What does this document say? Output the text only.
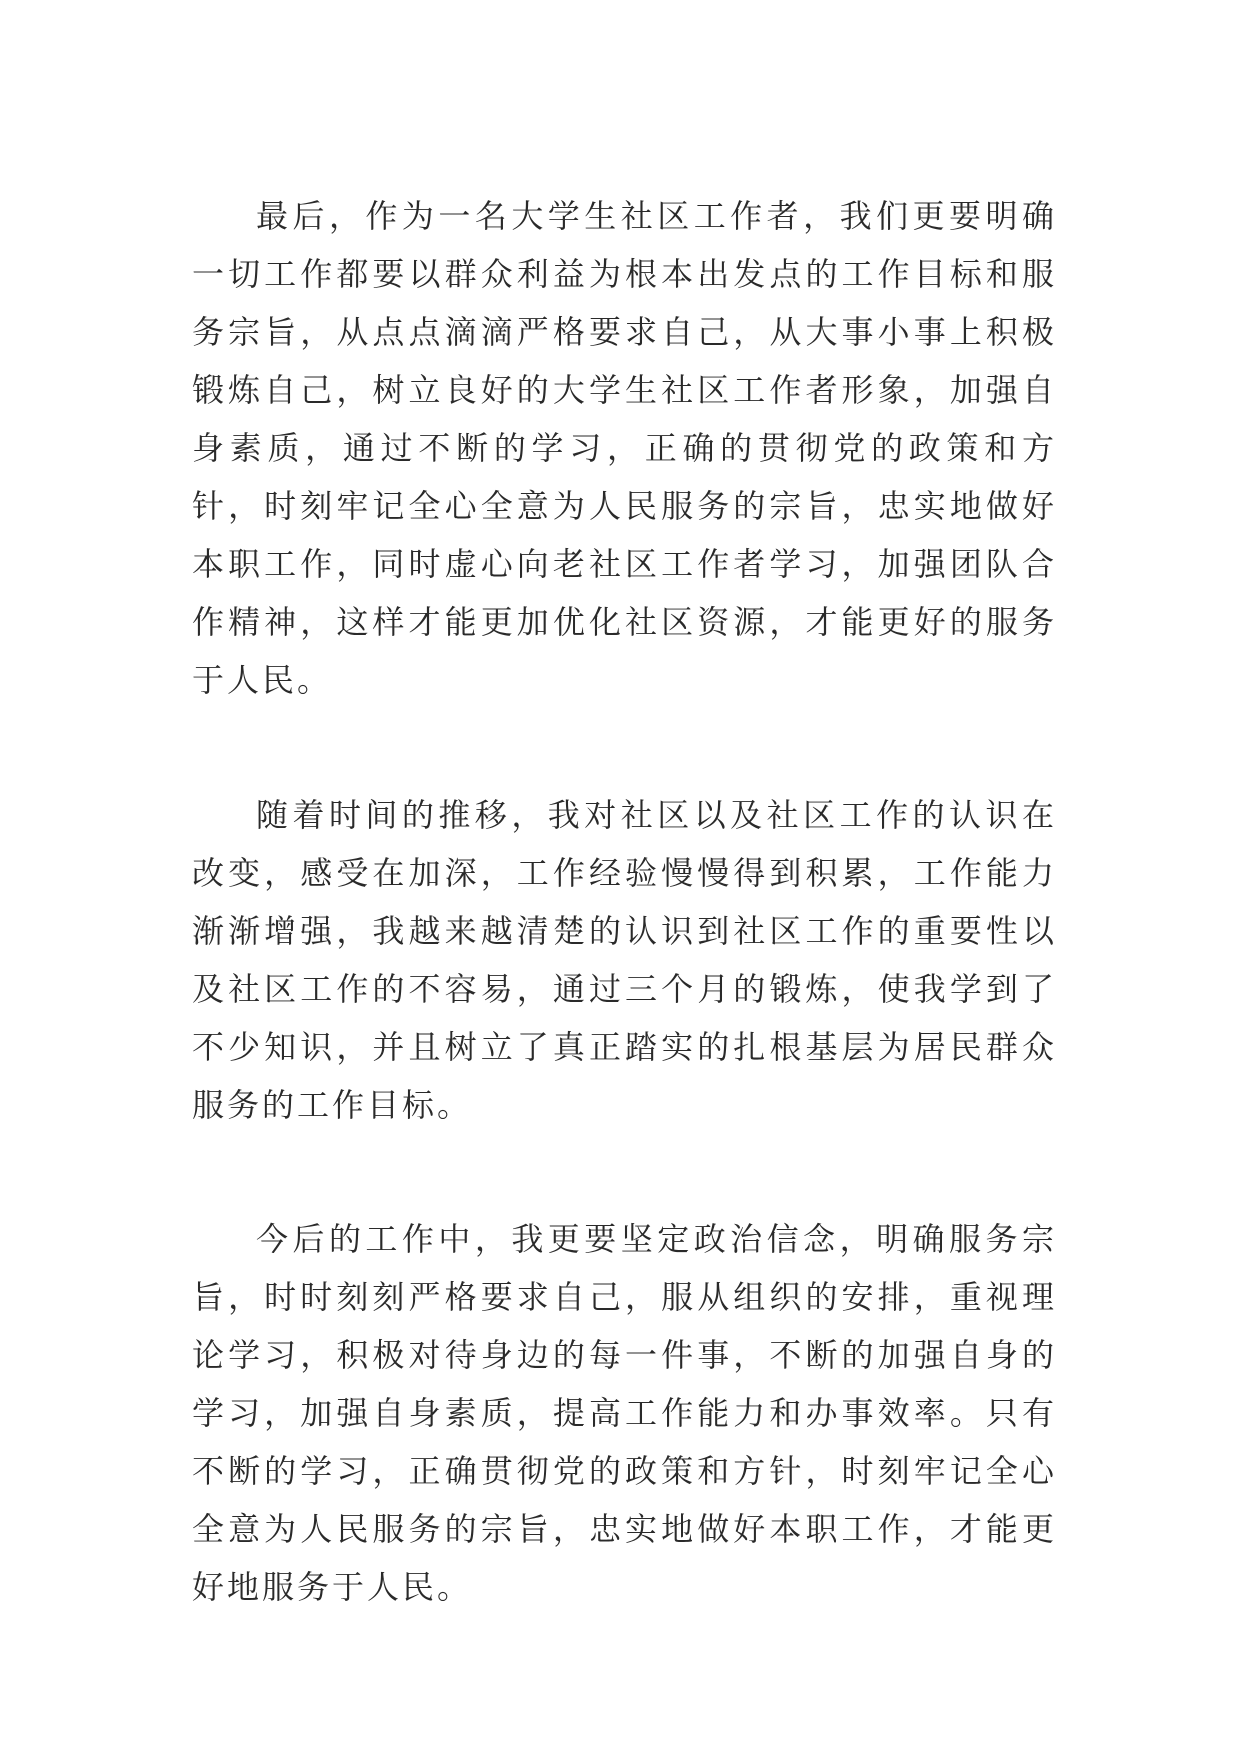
最后，作为一名大学生社区工作者，我们更要明确一切工作都要以群众利益为根本出发点的工作目标和服务宗旨，从点点滴滴严格要求自己，从大事小事上积极锻炼自己，树立良好的大学生社区工作者形象，加强自身素质，通过不断的学习，正确的贯彻党的政策和方针，时刻牢记全心全意为人民服务的宗旨，忠实地做好本职工作，同时虚心向老社区工作者学习，加强团队合作精神，这样才能更加优化社区资源，才能更好的服务于人民。

随着时间的推移，我对社区以及社区工作的认识在改变，感受在加深，工作经验慢慢得到积累，工作能力渐渐增强，我越来越清楚的认识到社区工作的重要性以及社区工作的不容易，通过三个月的锻炼，使我学到了不少知识，并且树立了真正踏实的扎根基层为居民群众服务的工作目标。

今后的工作中，我更要坚定政治信念，明确服务宗旨，时时刻刻严格要求自己，服从组织的安排，重视理论学习，积极对待身边的每一件事，不断的加强自身的学习，加强自身素质，提高工作能力和办事效率。只有不断的学习，正确贯彻党的政策和方针，时刻牢记全心全意为人民服务的宗旨，忠实地做好本职工作，才能更好地服务于人民。
